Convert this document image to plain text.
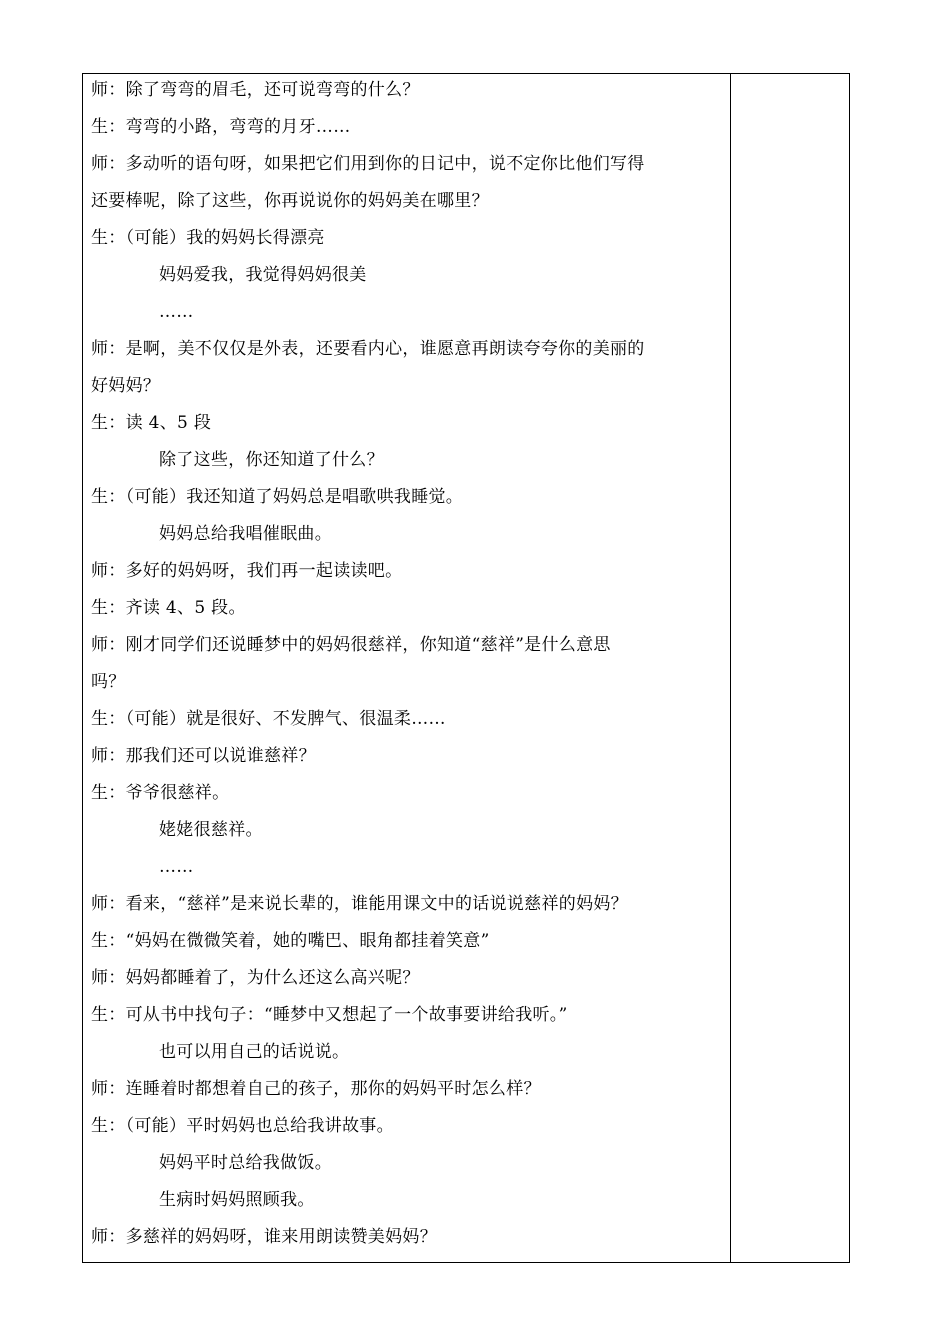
师：除了弯弯的眉毛，还可说弯弯的什么？
生：弯弯的小路，弯弯的月牙……
师：多动听的语句呀，如果把它们用到你的日记中，说不定你比他们写得
还要棒呢，除了这些，你再说说你的妈妈美在哪里？
生：（可能）我的妈妈长得漂亮
妈妈爱我，我觉得妈妈很美
……
师：是啊，美不仅仅是外表，还要看内心，谁愿意再朗读夸夸你的美丽的
好妈妈？
生：读 4、5 段
除了这些，你还知道了什么？
生：（可能）我还知道了妈妈总是唱歌哄我睡觉。
妈妈总给我唱催眠曲。
师：多好的妈妈呀，我们再一起读读吧。
生：齐读 4、5 段。
师：刚才同学们还说睡梦中的妈妈很慈祥，你知道“慈祥”是什么意思
吗？
生：（可能）就是很好、不发脾气、很温柔……
师：那我们还可以说谁慈祥？
生：爷爷很慈祥。
姥姥很慈祥。
……
师：看来，“慈祥”是来说长辈的，谁能用课文中的话说说慈祥的妈妈？
生：“妈妈在微微笑着，她的嘴巴、眼角都挂着笑意”
师：妈妈都睡着了，为什么还这么高兴呢？
生：可从书中找句子：“睡梦中又想起了一个故事要讲给我听。”
也可以用自己的话说说。
师：连睡着时都想着自己的孩子，那你的妈妈平时怎么样？
生：（可能）平时妈妈也总给我讲故事。
妈妈平时总给我做饭。
生病时妈妈照顾我。
师：多慈祥的妈妈呀，谁来用朗读赞美妈妈？
